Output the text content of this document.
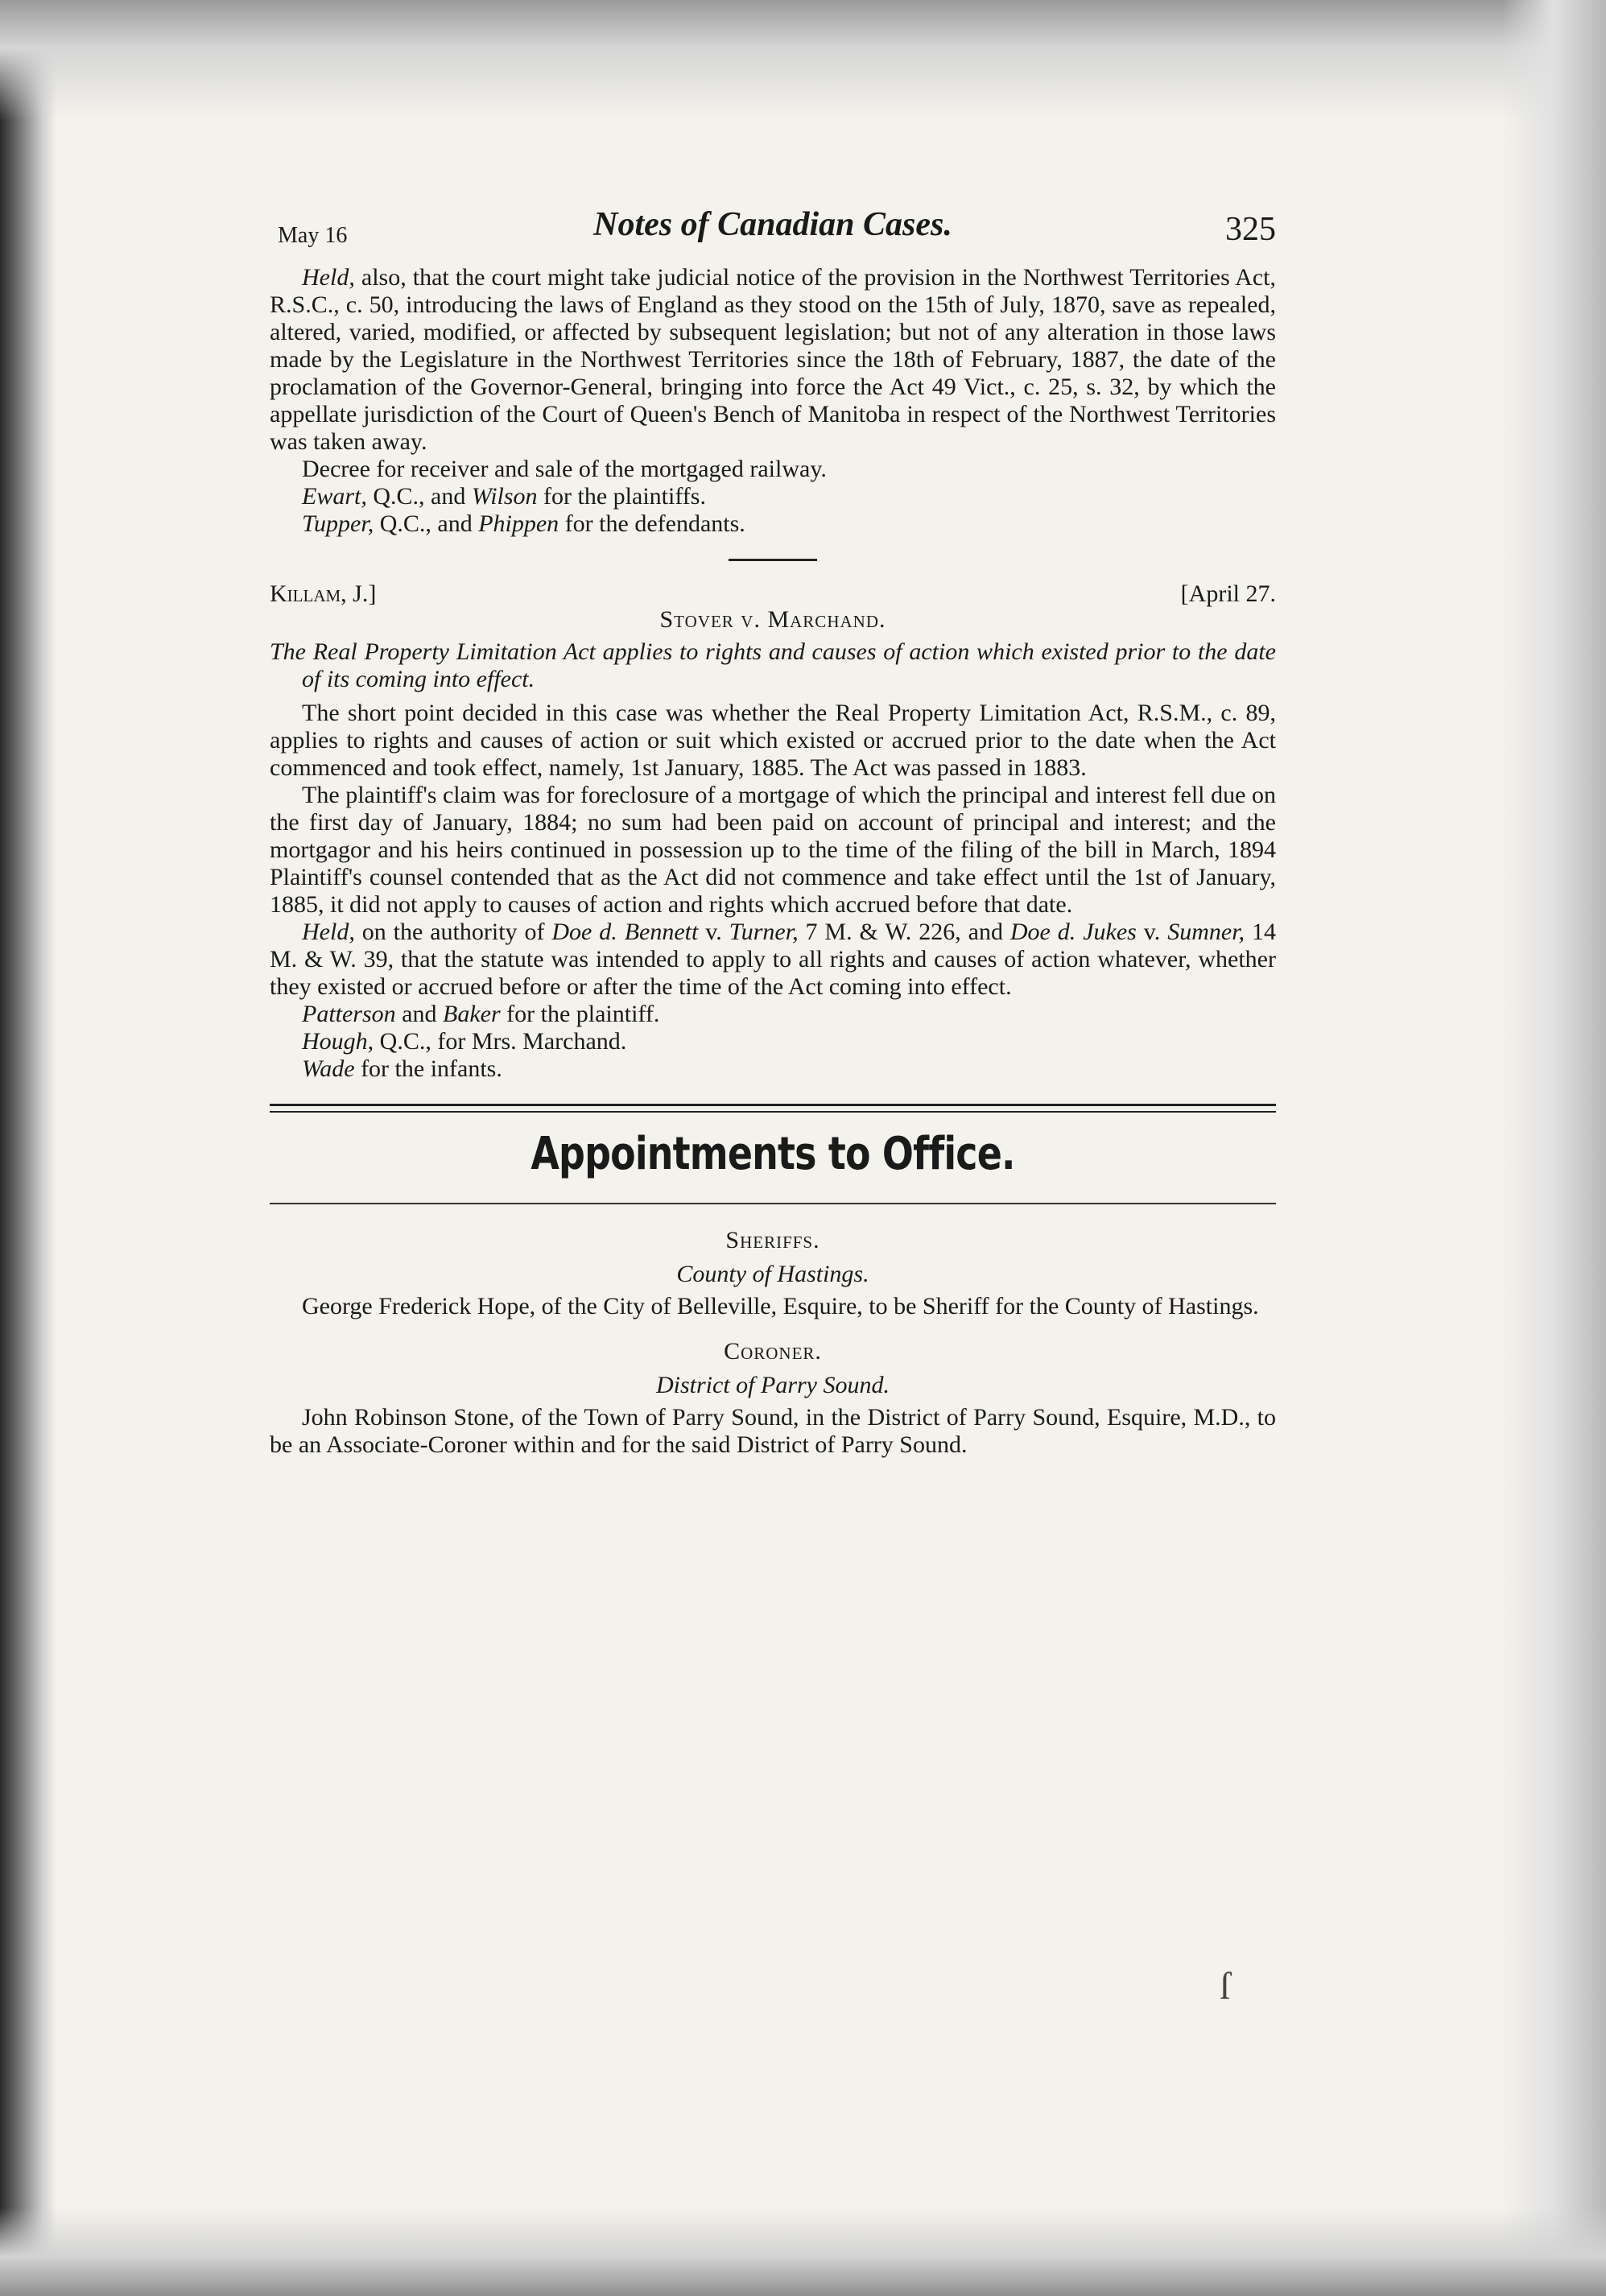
May 16	Notes of Canadian Cases.	325

Held, also, that the court might take judicial notice of the provision in the Northwest Territories Act, R.S.C., c. 50, introducing the laws of England as they stood on the 15th of July, 1870, save as repealed, altered, varied, modified, or affected by subsequent legislation; but not of any alteration in those laws made by the Legislature in the Northwest Territories since the 18th of February, 1887, the date of the proclamation of the Governor-General, bringing into force the Act 49 Vict., c. 25, s. 32, by which the appellate jurisdiction of the Court of Queen's Bench of Manitoba in respect of the Northwest Territories was taken away.

Decree for receiver and sale of the mortgaged railway.

Ewart, Q.C., and Wilson for the plaintiffs.

Tupper, Q.C., and Phippen for the defendants.

Killam, J.]	[April 27.
Stover v. Marchand.

The Real Property Limitation Act applies to rights and causes of action which existed prior to the date of its coming into effect.

The short point decided in this case was whether the Real Property Limitation Act, R.S.M., c. 89, applies to rights and causes of action or suit which existed or accrued prior to the date when the Act commenced and took effect, namely, 1st January, 1885. The Act was passed in 1883.

The plaintiff's claim was for foreclosure of a mortgage of which the principal and interest fell due on the first day of January, 1884; no sum had been paid on account of principal and interest; and the mortgagor and his heirs continued in possession up to the time of the filing of the bill in March, 1894 Plaintiff's counsel contended that as the Act did not commence and take effect until the 1st of January, 1885, it did not apply to causes of action and rights which accrued before that date.

Held, on the authority of Doe d. Bennett v. Turner, 7 M. & W. 226, and Doe d. Jukes v. Sumner, 14 M. & W. 39, that the statute was intended to apply to all rights and causes of action whatever, whether they existed or accrued before or after the time of the Act coming into effect.

Patterson and Baker for the plaintiff.

Hough, Q.C., for Mrs. Marchand.

Wade for the infants.

Appointments to Office.

Sheriffs.

County of Hastings.

George Frederick Hope, of the City of Belleville, Esquire, to be Sheriff for the County of Hastings.

Coroner.

District of Parry Sound.

John Robinson Stone, of the Town of Parry Sound, in the District of Parry Sound, Esquire, M.D., to be an Associate-Coroner within and for the said District of Parry Sound.

ſ
